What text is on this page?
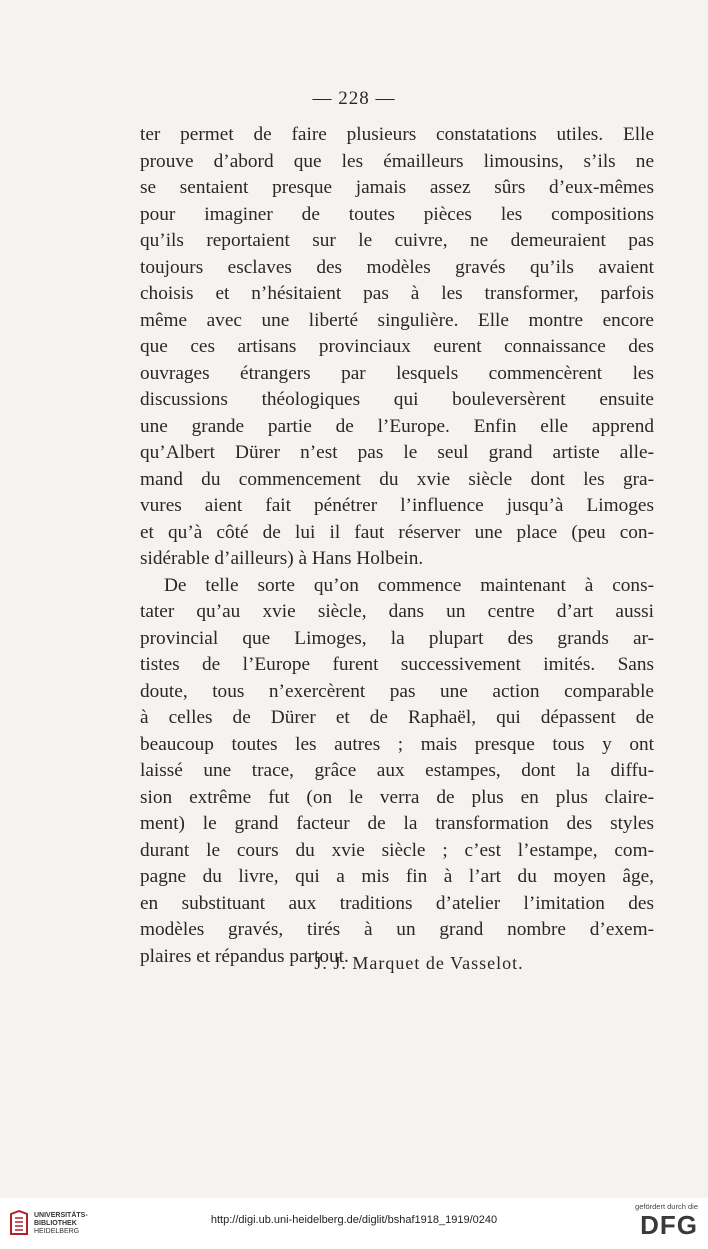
— 228 —
ter permet de faire plusieurs constatations utiles. Elle
prouve d’abord que les émailleurs limousins, s’ils ne
se sentaient presque jamais assez sûrs d’eux-mêmes
pour imaginer de toutes pièces les compositions
qu’ils reportaient sur le cuivre, ne demeuraient pas
toujours esclaves des modèles gravés qu’ils avaient
choisis et n’hésitaient pas à les transformer, parfois
même avec une liberté singulière. Elle montre encore
que ces artisans provinciaux eurent connaissance des
ouvrages étrangers par lesquels commencèrent les
discussions théologiques qui bouleversèrent ensuite
une grande partie de l’Europe. Enfin elle apprend
qu’Albert Dürer n’est pas le seul grand artiste alle-
mand du commencement du xvie siècle dont les gra-
vures aient fait pénétrer l’influence jusqu’à Limoges
et qu’à côté de lui il faut réserver une place (peu con-
sidérable d’ailleurs) à Hans Holbein.
De telle sorte qu’on commence maintenant à cons-
tater qu’au xvie siècle, dans un centre d’art aussi
provincial que Limoges, la plupart des grands ar-
tistes de l’Europe furent successivement imités. Sans
doute, tous n’exercèrent pas une action comparable
à celles de Dürer et de Raphaël, qui dépassent de
beaucoup toutes les autres ; mais presque tous y ont
laissé une trace, grâce aux estampes, dont la diffu-
sion extrême fut (on le verra de plus en plus claire-
ment) le grand facteur de la transformation des styles
durant le cours du xvie siècle ; c’est l’estampe, com-
pagne du livre, qui a mis fin à l’art du moyen âge,
en substituant aux traditions d’atelier l’imitation des
modèles gravés, tirés à un grand nombre d’exem-
plaires et répandus partout.
J. J. Marquet de Vasselot.
UNIVERSITÄTS-
BIBLIOTHEK
HEIDELBERG
http://digi.ub.uni-heidelberg.de/diglit/bshaf1918_1919/0240
gefördert durch die
DFG
